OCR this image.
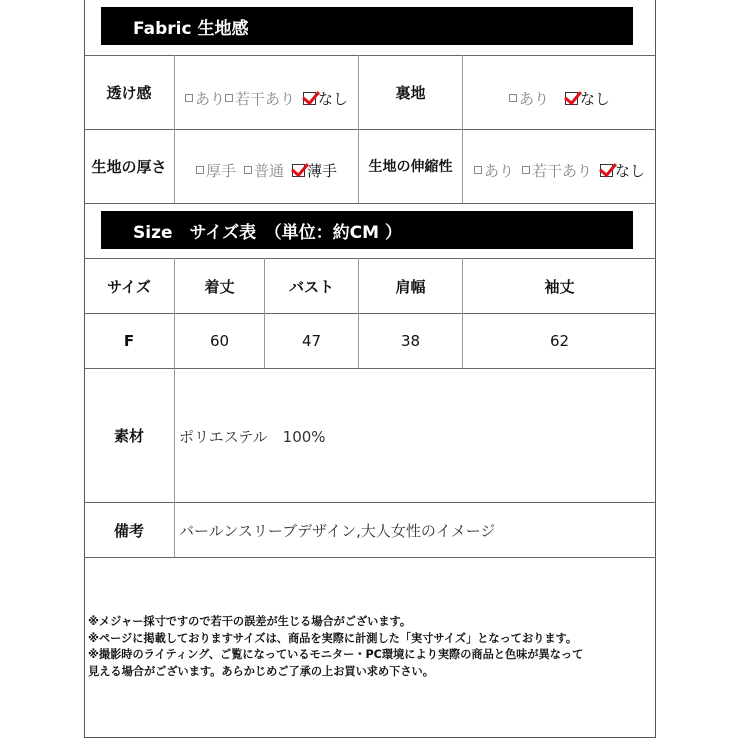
Fabric 生地感
透け感	あり 若干あり なし	裏地	あり なし
生地の厚さ	厚手 普通 薄手	生地の伸縮性	あり 若干あり なし
Size　サイズ表　（単位：約CM ）
サイズ	着丈	バスト	肩幅	袖丈
F	60	47	38	62
素材	ポリエステル　100%
備考	バールンスリーブデザイン,大人女性のイメージ
※メジャー採寸ですので若干の誤差が生じる場合がございます。
※ページに掲載しておりますサイズは、商品を実際に計測した「実寸サイズ」となっております。
※撮影時のライティング、ご覧になっているモニター・PC環境により実際の商品と色味が異なって
見える場合がございます。あらかじめご了承の上お買い求め下さい。
